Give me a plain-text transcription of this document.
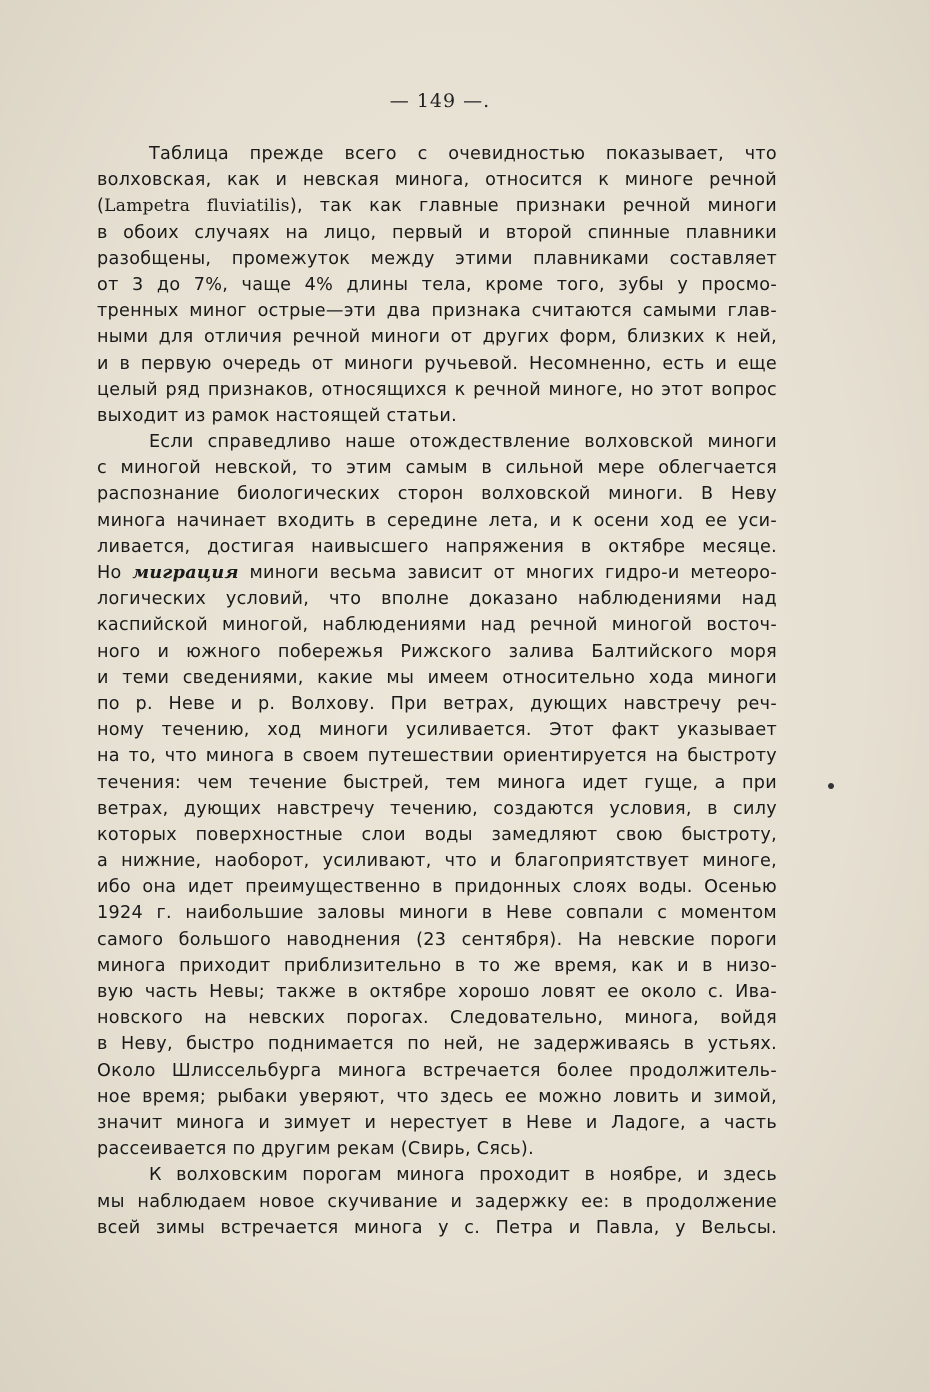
— 149 —.
Таблица прежде всего с очевидностью показывает, что
волховская, как и невская минога, относится к миноге речной
(Lampetra fluviatilis), так как главные признаки речной миноги
в обоих случаях на лицо, первый и второй спинные плавники
разобщены, промежуток между этими плавниками составляет
от 3 до 7%, чаще 4% длины тела, кроме того, зубы у просмо-
тренных миног острые—эти два признака считаются самыми глав-
ными для отличия речной миноги от других форм, близких к ней,
и в первую очередь от миноги ручьевой. Несомненно, есть и еще
целый ряд признаков, относящихся к речной миноге, но этот вопрос
выходит из рамок настоящей статьи.
Если справедливо наше отождествление волховской миноги
с миногой невской, то этим самым в сильной мере облегчается
распознание биологических сторон волховской миноги. В Неву
минога начинает входить в середине лета, и к осени ход ее уси-
ливается, достигая наивысшего напряжения в октябре месяце.
Но миграция миноги весьма зависит от многих гидро-и метеоро-
логических условий, что вполне доказано наблюдениями над
каспийской миногой, наблюдениями над речной миногой восточ-
ного и южного побережья Рижского залива Балтийского моря
и теми сведениями, какие мы имеем относительно хода миноги
по р. Неве и р. Волхову. При ветрах, дующих навстречу реч-
ному течению, ход миноги усиливается. Этот факт указывает
на то, что минога в своем путешествии ориентируется на быстроту
течения: чем течение быстрей, тем минога идет гуще, а при
ветрах, дующих навстречу течению, создаются условия, в силу
которых поверхностные слои воды замедляют свою быстроту,
а нижние, наоборот, усиливают, что и благоприятствует миноге,
ибо она идет преимущественно в придонных слоях воды. Осенью
1924 г. наибольшие заловы миноги в Неве совпали с моментом
самого большого наводнения (23 сентября). На невские пороги
минога приходит приблизительно в то же время, как и в низо-
вую часть Невы; также в октябре хорошо ловят ее около с. Ива-
новского на невских порогах. Следовательно, минога, войдя
в Неву, быстро поднимается по ней, не задерживаясь в устьях.
Около Шлиссельбурга минога встречается более продолжитель-
ное время; рыбаки уверяют, что здесь ее можно ловить и зимой,
значит минога и зимует и нерестует в Неве и Ладоге, а часть
рассеивается по другим рекам (Свирь, Сясь).
К волховским порогам минога проходит в ноябре, и здесь
мы наблюдаем новое скучивание и задержку ее: в продолжение
всей зимы встречается минога у с. Петра и Павла, у Вельсы.
